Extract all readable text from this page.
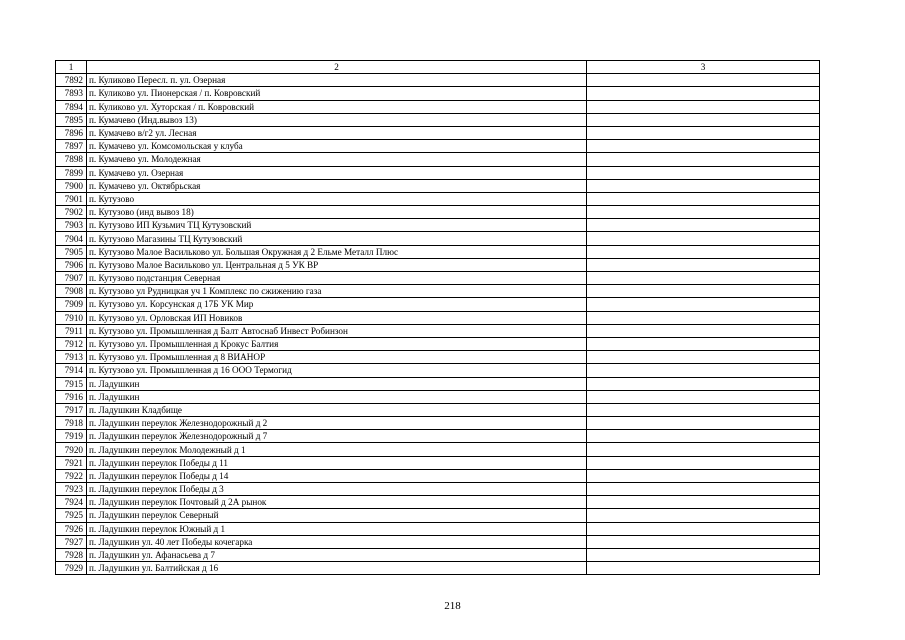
1	2	3
7892	п. Куликово Пересл. п. ул. Озерная	
7893	п. Куликово ул. Пионерская / п. Ковровский	
7894	п. Куликово ул. Хуторская / п. Ковровский	
7895	п. Кумачево (Инд.вывоз 13)	
7896	п. Кумачево в/г2 ул. Лесная	
7897	п. Кумачево ул. Комсомольская у клуба	
7898	п. Кумачево ул. Молодежная	
7899	п. Кумачево ул. Озерная	
7900	п. Кумачево ул. Октябрьская	
7901	п. Кутузово	
7902	п. Кутузово (инд вывоз 18)	
7903	п. Кутузово ИП Кузьмич ТЦ Кутузовский	
7904	п. Кутузово Магазины ТЦ Кутузовский	
7905	п. Кутузово Малое Васильково ул. Большая Окружная д 2 Ельме Металл Плюс	
7906	п. Кутузово Малое Васильково ул. Центральная д 5 УК ВР	
7907	п. Кутузово подстанция Северная	
7908	п. Кутузово ул Рудницкая уч 1 Комплекс по сжижению газа	
7909	п. Кутузово ул. Корсунская д 17Б УК Мир	
7910	п. Кутузово ул. Орловская ИП Новиков	
7911	п. Кутузово ул. Промышленная д Балт Автоснаб Инвест Робинзон	
7912	п. Кутузово ул. Промышленная д Крокус Балтия	
7913	п. Кутузово ул. Промышленная д 8 ВИАНОР	
7914	п. Кутузово ул. Промышленная д 16 ООО Термогид	
7915	п. Ладушкин	
7916	п. Ладушкин	
7917	п. Ладушкин Кладбище	
7918	п. Ладушкин переулок Железнодорожный д 2	
7919	п. Ладушкин переулок Железнодорожный д 7	
7920	п. Ладушкин переулок Молодежный д 1	
7921	п. Ладушкин переулок Победы д 11	
7922	п. Ладушкин переулок Победы д 14	
7923	п. Ладушкин переулок Победы д 3	
7924	п. Ладушкин переулок Почтовый д 2А рынок	
7925	п. Ладушкин переулок Северный	
7926	п. Ладушкин переулок Южный д 1	
7927	п. Ладушкин ул. 40 лет Победы кочегарка	
7928	п. Ладушкин ул. Афанасьева д 7	
7929	п. Ладушкин ул. Балтийская д 16	
218
